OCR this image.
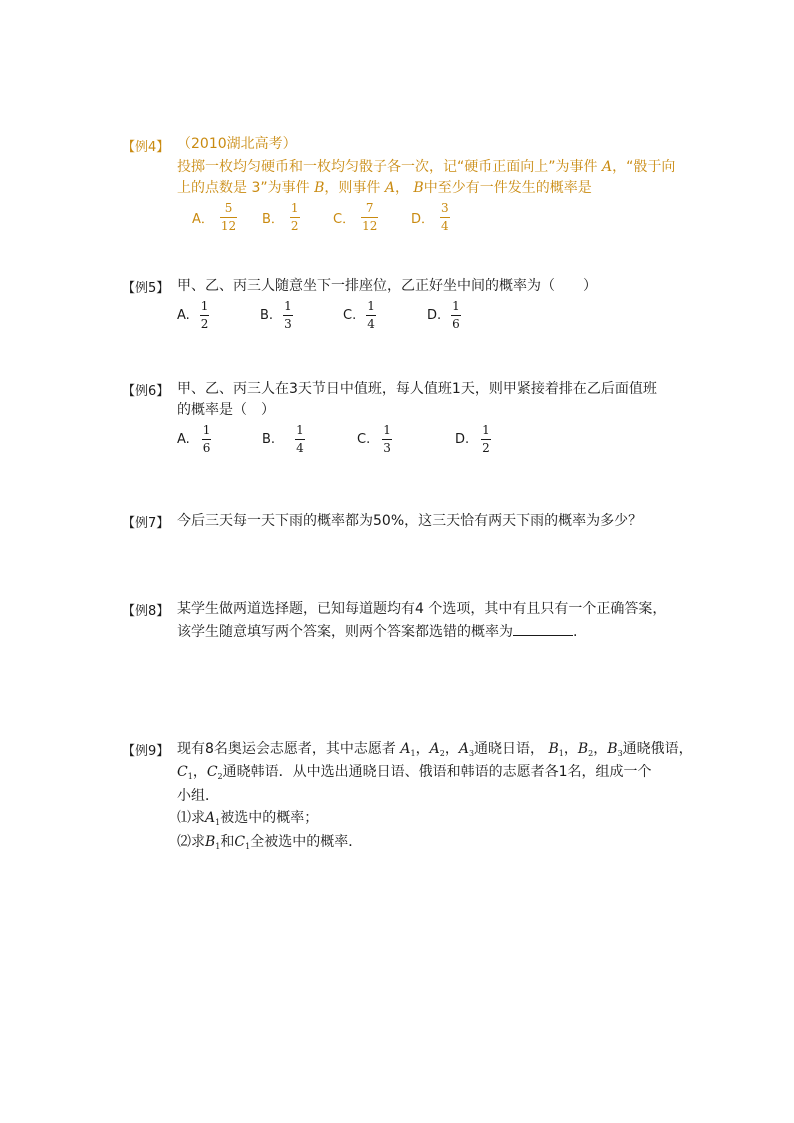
【例4】 （2010湖北高考）
投掷一枚均匀硬币和一枚均匀骰子各一次，记“硬币正面向上”为事件 A，“骰于向
上的点数是 3”为事件 B，则事件 A， B中至少有一件发生的概率是
A． $\frac{5}{12}$ B． $\frac{1}{2}$	C． $\frac{7}{12}$	D． $\frac{3}{4}$
【例5】 甲、乙、丙三人随意坐下一排座位，乙正好坐中间的概率为（　　）
A. $\frac{1}{2}$	B. $\frac{1}{3}$	C. $\frac{1}{4}$	D. $\frac{1}{6}$
【例6】 甲、乙、丙三人在3天节日中值班，每人值班1天，则甲紧接着排在乙后面值班
的概率是（　）
A. $\frac{1}{6}$	B. $\frac{1}{4}$	C. $\frac{1}{3}$	D. $\frac{1}{2}$
【例7】 今后三天每一天下雨的概率都为50%，这三天恰有两天下雨的概率为多少？
【例8】 某学生做两道选择题，已知每道题均有4 个选项，其中有且只有一个正确答案，
该学生随意填写两个答案，则两个答案都选错的概率为	.
【例9】 现有8名奥运会志愿者，其中志愿者 $A_1$，$A_2$，$A_3$通晓日语， $B_1$，$B_2$，$B_3$通晓俄语，
$C_1$，$C_2$通晓韩语．从中选出通晓日语、俄语和韩语的志愿者各1名，组成一个
小组．
⑴求$A_1$被选中的概率；
⑵求$B_1$和$C_1$全被选中的概率．
